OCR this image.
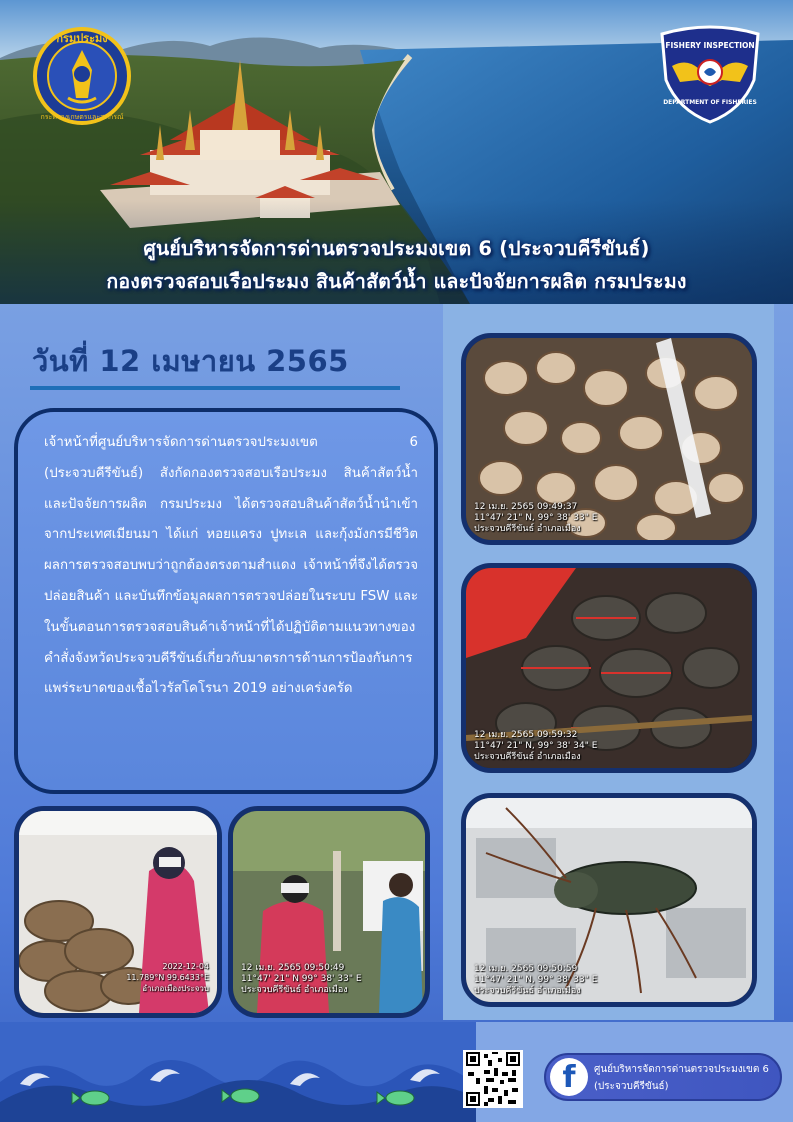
กรมประมง
กระทรวงเกษตรและสหกรณ์
FISHERY INSPECTION
DEPARTMENT OF FISHERIES
ศูนย์บริหารจัดการด่านตรวจประมงเขต 6 (ประจวบคีรีขันธ์)
กองตรวจสอบเรือประมง สินค้าสัตว์น้ำ และปัจจัยการผลิต กรมประมง
วันที่ 12 เมษายน 2565

เจ้าหน้าที่ศูนย์บริหารจัดการด่านตรวจประมงเขต 6 (ประจวบคีรีขันธ์) สังกัดกองตรวจสอบเรือประมง สินค้าสัตว์น้ำ และปัจจัยการผลิต กรมประมง ได้ตรวจสอบสินค้าสัตว์น้ำนำเข้า จากประเทศเมียนมา ได้แก่ หอยแครง ปูทะเล และกุ้งมังกรมีชีวิต ผลการตรวจสอบพบว่าถูกต้องตรงตามสำแดง เจ้าหน้าที่จึงได้ตรวจปล่อยสินค้า และบันทึกข้อมูลผลการตรวจปล่อยในระบบ FSW และ ในขั้นตอนการตรวจสอบสินค้าเจ้าหน้าที่ได้ปฏิบัติตามแนวทางของคำสั่งจังหวัดประจวบคีรีขันธ์เกี่ยวกับมาตรการด้านการป้องกันการแพร่ระบาดของเชื้อไวรัสโคโรนา 2019 อย่างเคร่งครัด

12 เม.ย. 2565 09:49:37
11°47' 21" N, 99° 38' 33" E
ประจวบคีรีขันธ์ อำเภอเมือง
12 เม.ย. 2565 09:59:32
11°47' 21" N, 99° 38' 34" E
ประจวบคีรีขันธ์ อำเภอเมือง
12 เม.ย. 2565 09:50:59
11°47' 21" N, 99° 38' 33" E
ประจวบคีรีขันธ์ อำเภอเมือง
2022-12-04
11.789°N 99.6433°E
อำเภอเมืองประจวบ
12 เม.ย. 2565 09:50:49
11°47' 21" N 99° 38' 33" E
ประจวบคีรีขันธ์ อำเภอเมือง
f	ศูนย์บริหารจัดการด่านตรวจประมงเขต 6 (ประจวบคีรีขันธ์)
